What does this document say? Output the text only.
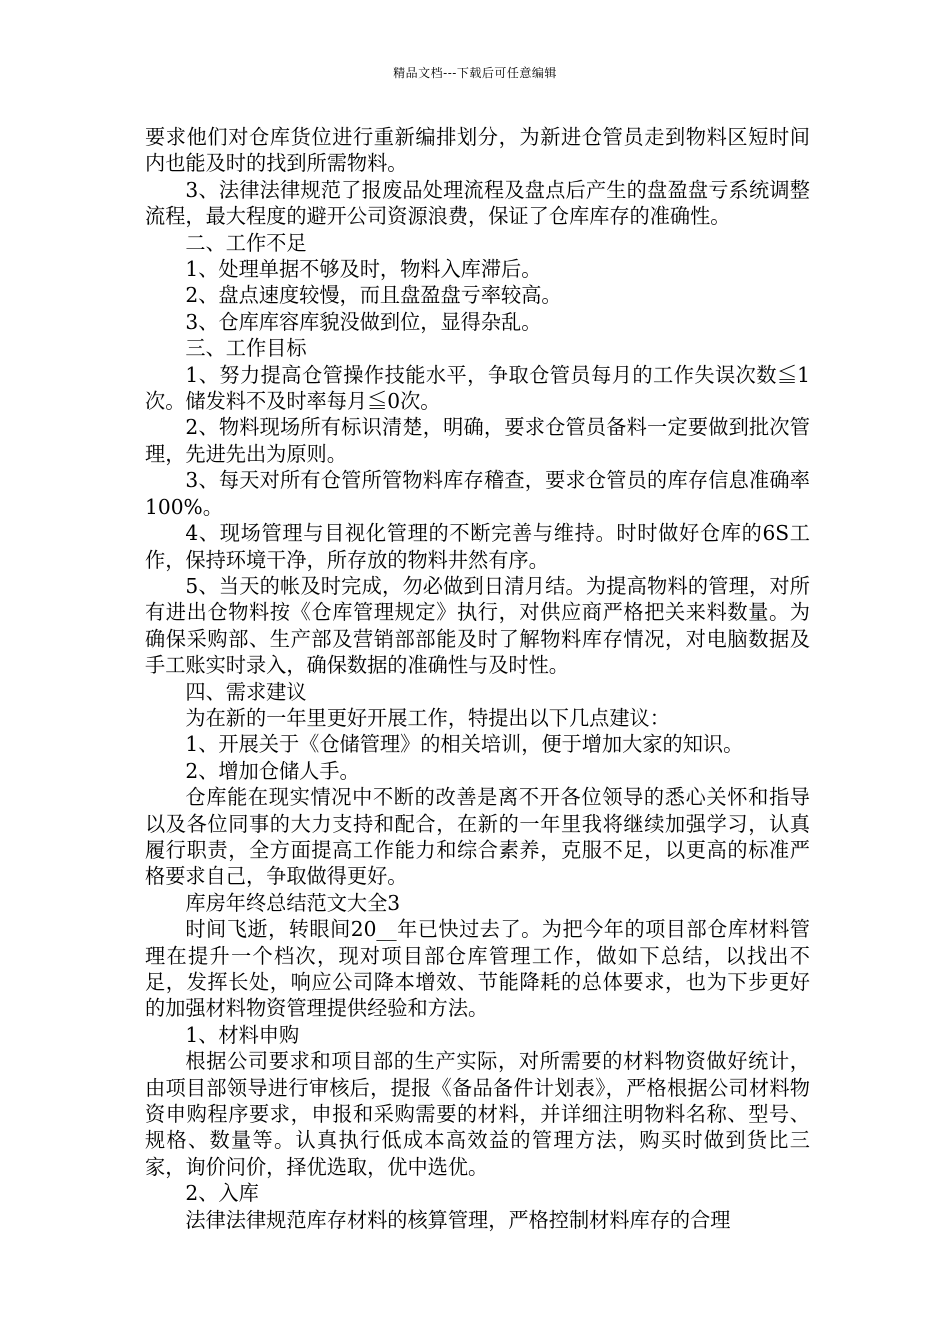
精品文档---下载后可任意编辑

要求他们对仓库货位进行重新编排划分，为新进仓管员走到物料区短时间内也能及时的找到所需物料。

3、法律法律规范了报废品处理流程及盘点后产生的盘盈盘亏系统调整流程，最大程度的避开公司资源浪费，保证了仓库库存的准确性。

二、工作不足

1、处理单据不够及时，物料入库滞后。

2、盘点速度较慢，而且盘盈盘亏率较高。

3、仓库库容库貌没做到位，显得杂乱。

三、工作目标

1、努力提高仓管操作技能水平，争取仓管员每月的工作失误次数≦1次。储发料不及时率每月≦0次。

2、物料现场所有标识清楚，明确，要求仓管员备料一定要做到批次管理，先进先出为原则。

3、每天对所有仓管所管物料库存稽查，要求仓管员的库存信息准确率100%。

4、现场管理与目视化管理的不断完善与维持。时时做好仓库的6S工作，保持环境干净，所存放的物料井然有序。

5、当天的帐及时完成，勿必做到日清月结。为提高物料的管理，对所有进出仓物料按《仓库管理规定》执行，对供应商严格把关来料数量。为确保采购部、生产部及营销部部能及时了解物料库存情况，对电脑数据及手工账实时录入，确保数据的准确性与及时性。

四、需求建议

为在新的一年里更好开展工作，特提出以下几点建议：

1、开展关于《仓储管理》的相关培训，便于增加大家的知识。

2、增加仓储人手。

仓库能在现实情况中不断的改善是离不开各位领导的悉心关怀和指导以及各位同事的大力支持和配合，在新的一年里我将继续加强学习，认真履行职责，全方面提高工作能力和综合素养，克服不足，以更高的标准严格要求自己，争取做得更好。

库房年终总结范文大全3

时间飞逝，转眼间20__年已快过去了。为把今年的项目部仓库材料管理在提升一个档次，现对项目部仓库管理工作，做如下总结，以找出不足，发挥长处，响应公司降本增效、节能降耗的总体要求，也为下步更好的加强材料物资管理提供经验和方法。

1、材料申购

根据公司要求和项目部的生产实际，对所需要的材料物资做好统计，由项目部领导进行审核后，提报《备品备件计划表》，严格根据公司材料物资申购程序要求，申报和采购需要的材料，并详细注明物料名称、型号、规格、数量等。认真执行低成本高效益的管理方法，购买时做到货比三家，询价问价，择优选取，优中选优。

2、入库

法律法律规范库存材料的核算管理，严格控制材料库存的合理
